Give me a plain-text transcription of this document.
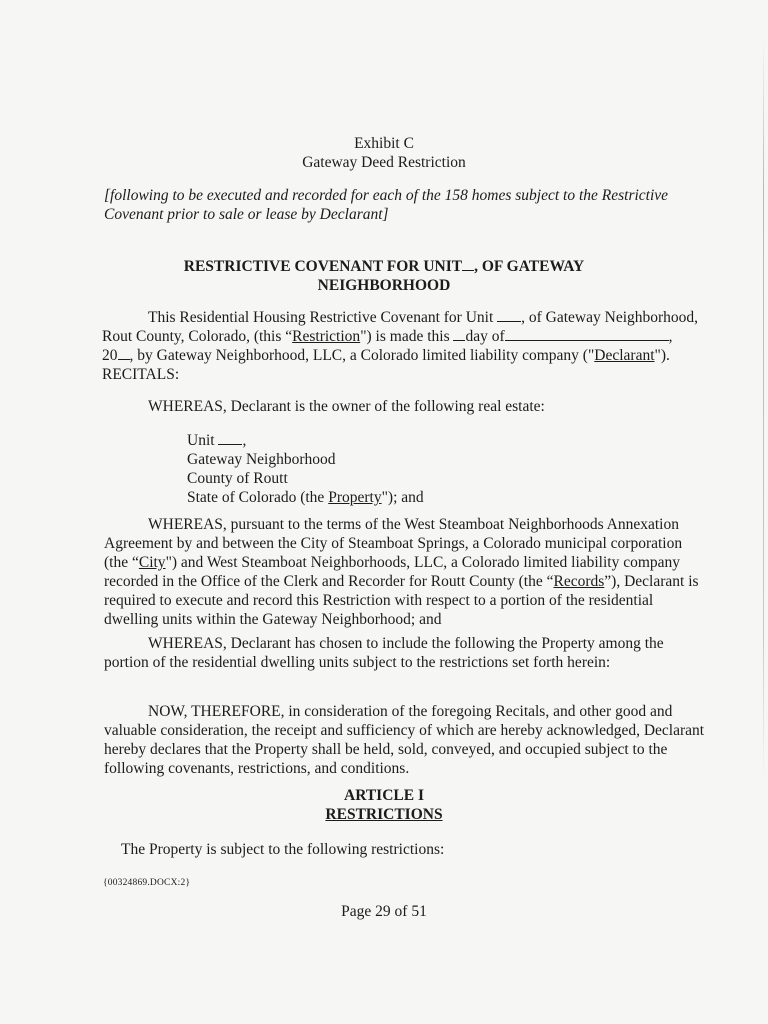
Exhibit C
Gateway Deed Restriction
[following to be executed and recorded for each of the 158 homes subject to the Restrictive
Covenant prior to sale or lease by Declarant]
RESTRICTIVE COVENANT FOR UNIT , OF GATEWAY
NEIGHBORHOOD
This Residential Housing Restrictive Covenant for Unit , of Gateway Neighborhood,
Rout County, Colorado, (this “Restriction") is made this day of	,
20 , by Gateway Neighborhood, LLC, a Colorado limited liability company ("Declarant").
RECITALS:
WHEREAS, Declarant is the owner of the following real estate:
Unit ,
Gateway Neighborhood
County of Routt
State of Colorado (the Property"); and
WHEREAS, pursuant to the terms of the West Steamboat Neighborhoods Annexation
Agreement by and between the City of Steamboat Springs, a Colorado municipal corporation
(the “City") and West Steamboat Neighborhoods, LLC, a Colorado limited liability company
recorded in the Office of the Clerk and Recorder for Routt County (the “Records”), Declarant is
required to execute and record this Restriction with respect to a portion of the residential
dwelling units within the Gateway Neighborhood; and
WHEREAS, Declarant has chosen to include the following the Property among the
portion of the residential dwelling units subject to the restrictions set forth herein:
NOW, THEREFORE, in consideration of the foregoing Recitals, and other good and
valuable consideration, the receipt and sufficiency of which are hereby acknowledged, Declarant
hereby declares that the Property shall be held, sold, conveyed, and occupied subject to the
following covenants, restrictions, and conditions.
ARTICLE I
RESTRICTIONS
The Property is subject to the following restrictions:
{00324869.DOCX:2}
Page 29 of 51
